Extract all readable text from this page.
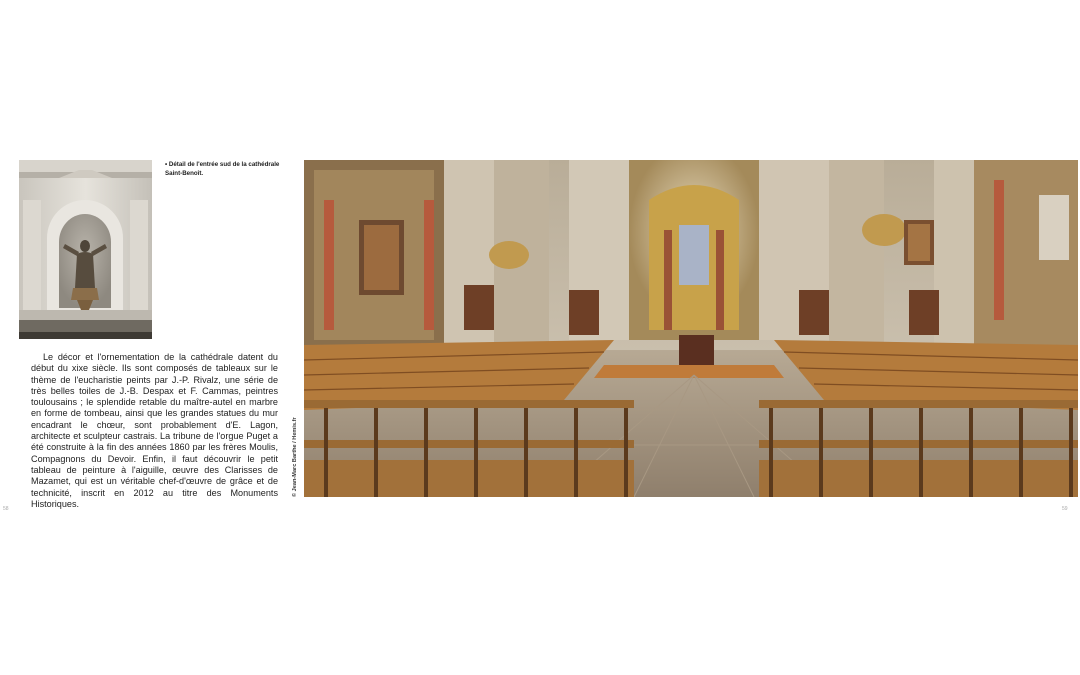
• Détail de l'entrée sud de la cathédrale
Saint-Benoît.

Le décor et l'ornementation de la cathédrale datent du début du xixe siècle. Ils sont composés de tableaux sur le thème de l'eucharistie peints par J.-P. Rivalz, une série de très belles toiles de J.-B. Despax et F. Cammas, peintres toulousains ; le splendide retable du maître-autel en marbre en forme de tombeau, ainsi que les grandes statues du mur encadrant le chœur, sont probablement d'E. Lagon, architecte et sculpteur castrais. La tribune de l'orgue Puget a été construite à la fin des années 1860 par les frères Moulis, Compagnons du Devoir. Enfin, il faut découvrir le petit tableau de peinture à l'aiguille, œuvre des Clarisses de Mazamet, qui est un véritable chef-d'œuvre de grâce et de technicité, inscrit en 2012 au titre des Monuments Historiques.

© Jean-Marc Barthe / Hemis.fr
58	59
